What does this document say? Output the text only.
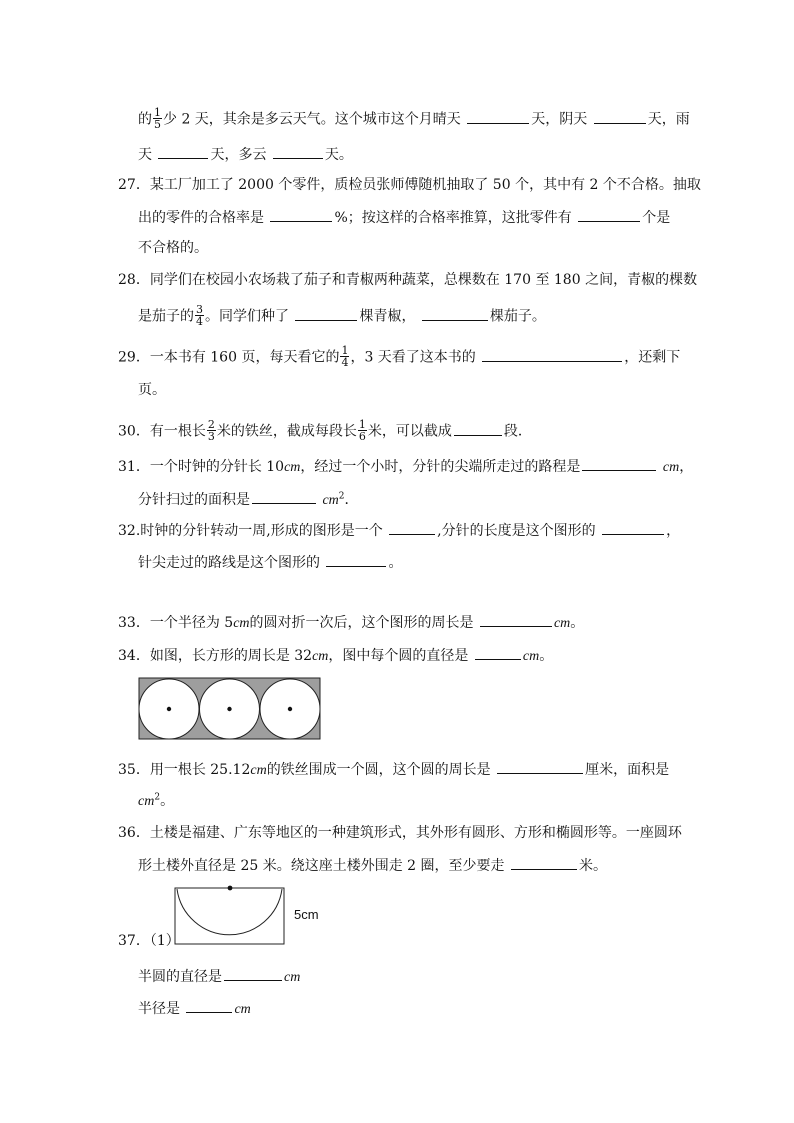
的 $\frac{1}{5}$ 少 2 天，其余是多云天气。这个城市这个月晴天	天，阴天	天，雨
天	天，多云	天。
27．某工厂加工了 2000 个零件，质检员张师傅随机抽取了 50 个，其中有 2 个不合格。抽取
出的零件的合格率是	%；按这样的合格率推算，这批零件有	个是
不合格的。
28．同学们在校园小农场栽了茄子和青椒两种蔬菜，总棵数在 170 至 180 之间，青椒的棵数
是茄子的 $\frac{3}{4}$ 。同学们种了	棵青椒，	棵茄子。
29．一本书有 160 页，每天看它的 $\frac{1}{4}$ ，3 天看了这本书的	，还剩下
页。
30．有一根长 $\frac{2}{3}$ 米的铁丝，截成每段长 $\frac{1}{6}$ 米，可以截成	段．
31．一个时钟的分针长 10cm，经过一个小时，分针的尖端所走过的路程是	cm，
分针扫过的面积是	$cm^2$．
32.时钟的分针转动一周,形成的图形是一个	,分针的长度是这个图形的	，
针尖走过的路线是这个图形的	。
33．一个半径为 5cm的圆对折一次后，这个图形的周长是	cm。
34．如图，长方形的周长是 32cm，图中每个圆的直径是	cm。
35．用一根长 25.12cm的铁丝围成一个圆，这个圆的周长是	厘米，面积是
$cm^2$。
36．土楼是福建、广东等地区的一种建筑形式，其外形有圆形、方形和椭圆形等。一座圆环
形土楼外直径是 25 米。绕这座土楼外围走 2 圈，至少要走	米。
5cm
37．（1）
半圆的直径是	cm
半径是	cm
